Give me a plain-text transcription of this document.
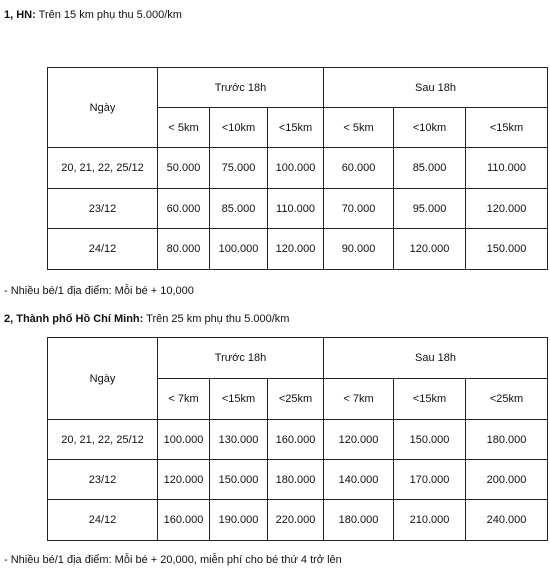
1, HN: Trên 15 km phụ thu 5.000/km
Ngày	Trước 18h			Sau 18h		
	< 5km	<10km	<15km	< 5km	<10km	<15km
20, 21, 22, 25/12	50.000	75.000	100.000	60.000	85.000	110.000
23/12	60.000	85.000	110.000	70.000	95.000	120.000
24/12	80.000	100.000	120.000	90.000	120.000	150.000
- Nhiều bé/1 địa điểm: Mỗi bé + 10,000
2, Thành phố Hồ Chí Minh: Trên 25 km phụ thu 5.000/km
Ngày	Trước 18h			Sau 18h		
	< 7km	<15km	<25km	< 7km	<15km	<25km
20, 21, 22, 25/12	100.000	130.000	160.000	120.000	150.000	180.000
23/12	120.000	150.000	180.000	140.000	170.000	200.000
24/12	160.000	190.000	220.000	180.000	210.000	240.000
- Nhiều bé/1 địa điểm: Mỗi bé + 20,000, miễn phí cho bé thứ 4 trở lên
